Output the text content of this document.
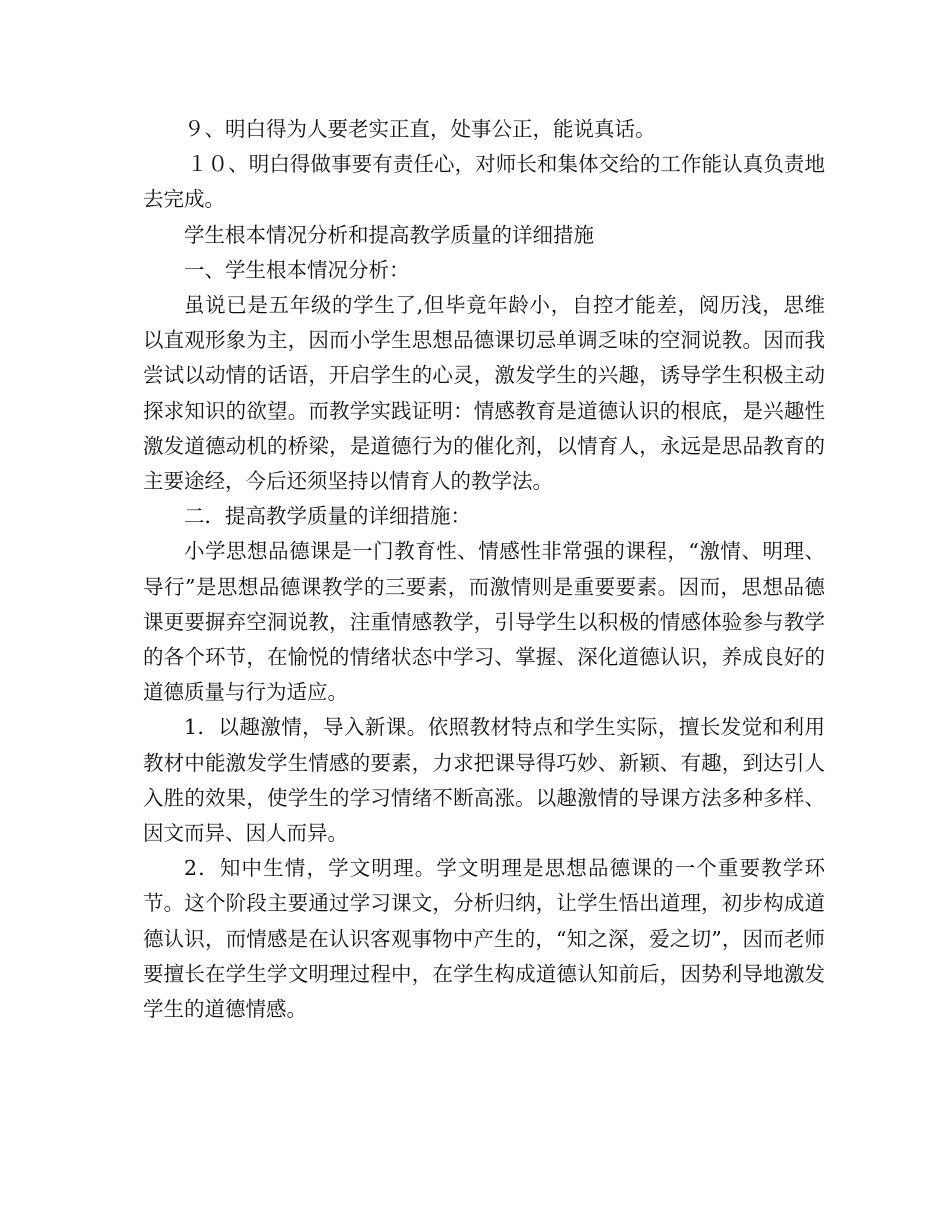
９、明白得为人要老实正直，处事公正，能说真话。

１０、明白得做事要有责任心，对师长和集体交给的工作能认真负责地去完成。

学生根本情况分析和提高教学质量的详细措施

一、学生根本情况分析：

虽说已是五年级的学生了,但毕竟年龄小，自控才能差，阅历浅，思维以直观形象为主，因而小学生思想品德课切忌单调乏味的空洞说教。因而我尝试以动情的话语，开启学生的心灵，激发学生的兴趣，诱导学生积极主动探求知识的欲望。而教学实践证明：情感教育是道德认识的根底，是兴趣性激发道德动机的桥梁，是道德行为的催化剂，以情育人，永远是思品教育的主要途经，今后还须坚持以情育人的教学法。

二．提高教学质量的详细措施：

小学思想品德课是一门教育性、情感性非常强的课程，“激情、明理、导行”是思想品德课教学的三要素，而激情则是重要要素。因而，思想品德课更要摒弃空洞说教，注重情感教学，引导学生以积极的情感体验参与教学的各个环节，在愉悦的情绪状态中学习、掌握、深化道德认识，养成良好的道德质量与行为适应。

1．以趣激情，导入新课。依照教材特点和学生实际，擅长发觉和利用教材中能激发学生情感的要素，力求把课导得巧妙、新颖、有趣，到达引人入胜的效果，使学生的学习情绪不断高涨。以趣激情的导课方法多种多样、因文而异、因人而异。

2．知中生情，学文明理。学文明理是思想品德课的一个重要教学环节。这个阶段主要通过学习课文，分析归纳，让学生悟出道理，初步构成道德认识，而情感是在认识客观事物中产生的，“知之深，爱之切”，因而老师要擅长在学生学文明理过程中，在学生构成道德认知前后，因势利导地激发学生的道德情感。
